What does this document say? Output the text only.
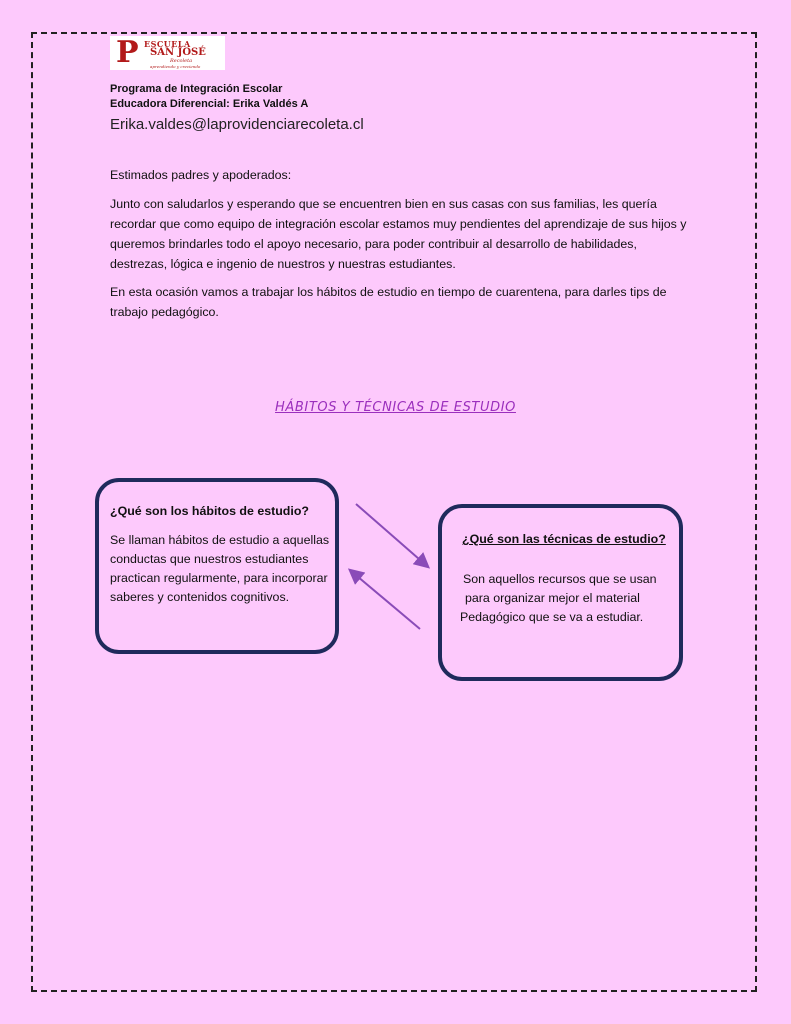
P ESCUELA
SAN JOSÉ
Recoleta
aprendiendo y creciendo
Programa de Integración Escolar
Educadora Diferencial: Erika Valdés A
Erika.valdes@laprovidenciarecoleta.cl
Estimados padres y apoderados:
Junto con saludarlos y esperando que se encuentren bien en sus casas con sus familias, les quería recordar que como equipo de integración escolar estamos muy pendientes del aprendizaje de sus hijos y queremos brindarles todo el apoyo necesario, para poder contribuir al desarrollo de habilidades, destrezas, lógica e ingenio de nuestros y nuestras estudiantes.
En esta ocasión vamos a trabajar los hábitos de estudio en tiempo de cuarentena, para darles tips de trabajo pedagógico.
HÁBITOS Y TÉCNICAS DE ESTUDIO
¿Qué son los hábitos de estudio?
Se llaman hábitos de estudio a aquellas conductas que nuestros estudiantes practican regularmente, para incorporar saberes y contenidos cognitivos.
¿Qué son las técnicas de estudio?
Son aquellos recursos que se usan
para organizar mejor el material
Pedagógico que se va a estudiar.
